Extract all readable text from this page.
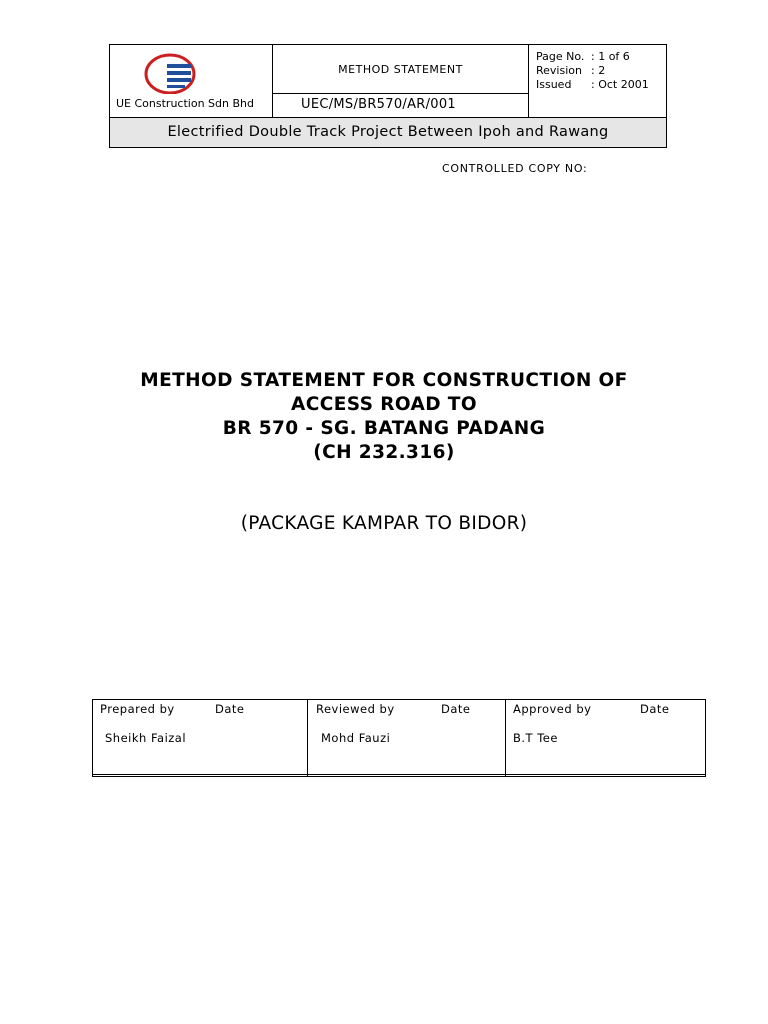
UE Construction Sdn Bhd
METHOD STATEMENT
UEC/MS/BR570/AR/001
Page No. : 1 of 6
Revision : 2
Issued	: Oct 2001
Electrified Double Track Project Between Ipoh and Rawang
CONTROLLED COPY NO:
METHOD STATEMENT FOR CONSTRUCTION OF
ACCESS ROAD TO
BR 570 - SG. BATANG PADANG
(CH 232.316)
(PACKAGE KAMPAR TO BIDOR)
Prepared by	Date
Sheikh Faizal
Reviewed by	Date
Mohd Fauzi
Approved by	Date
B.T Tee
